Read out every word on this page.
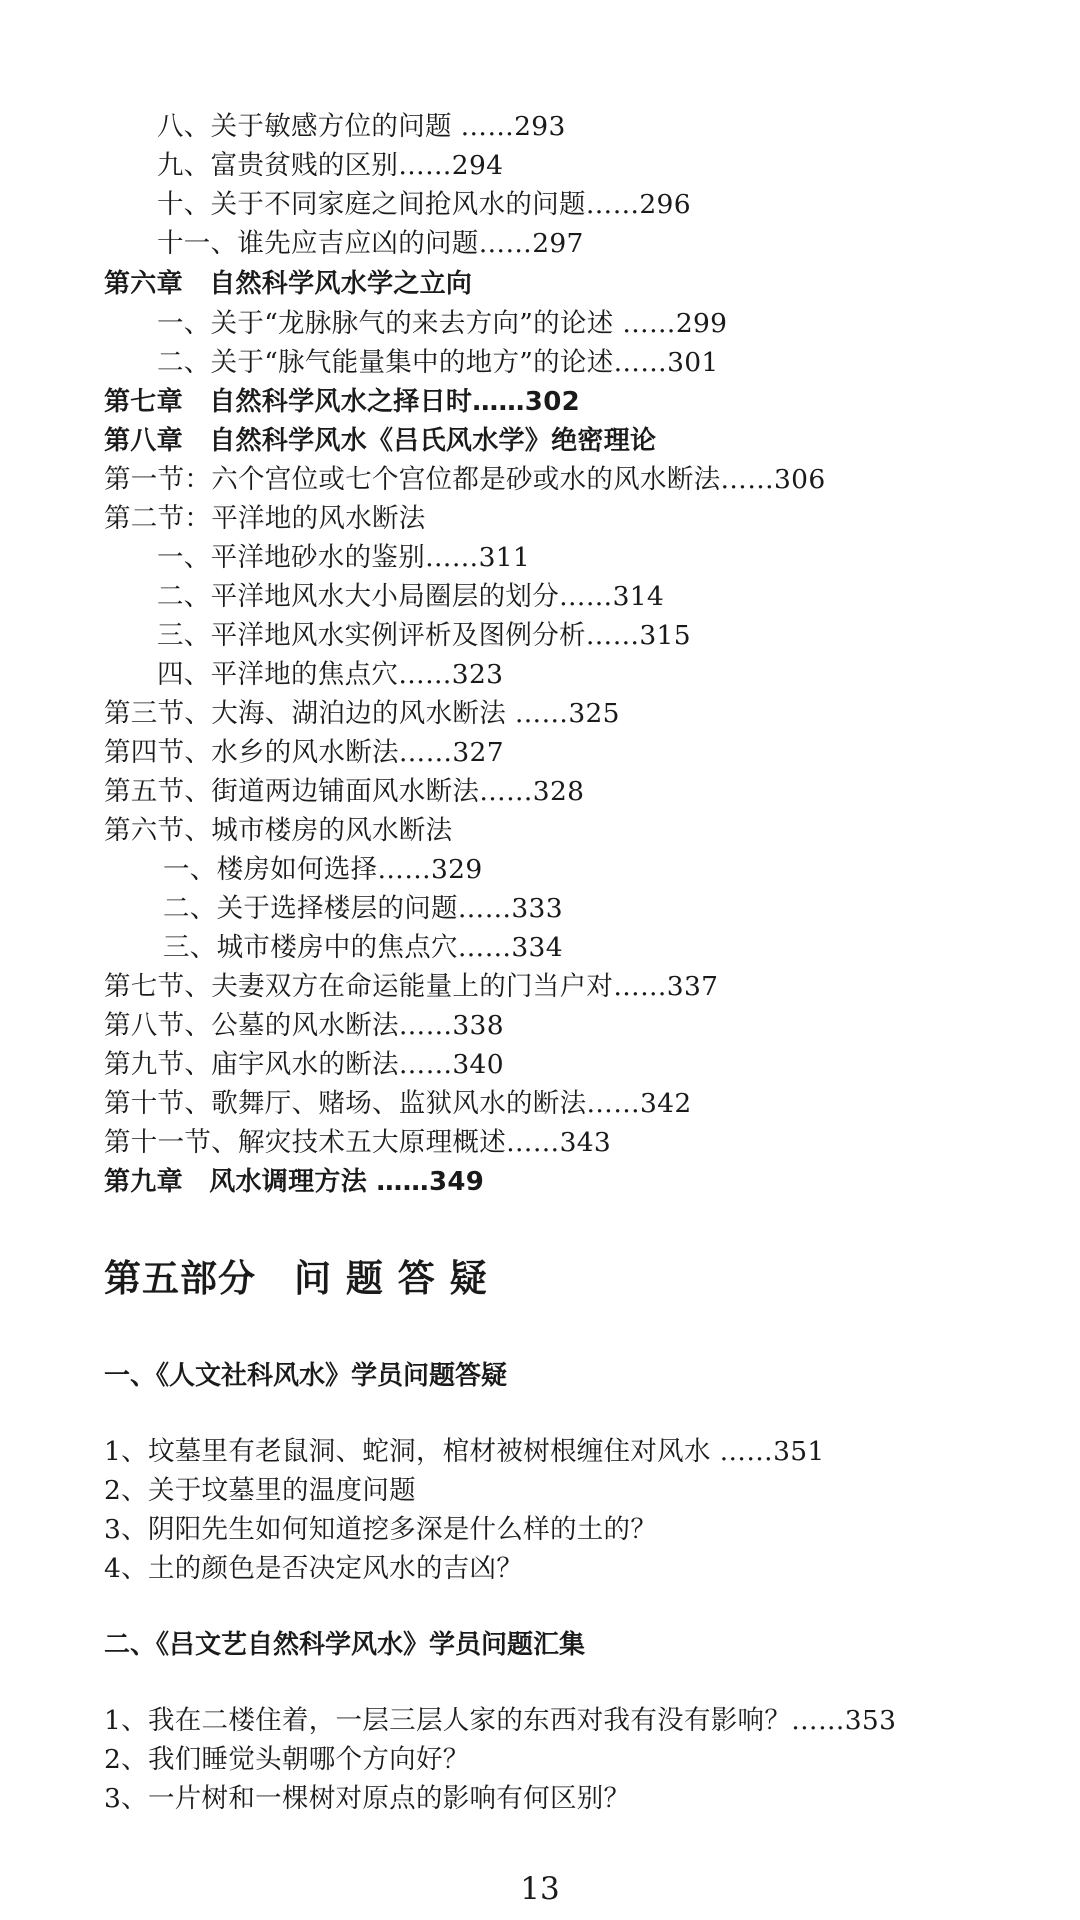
八、关于敏感方位的问题 ……293
九、富贵贫贱的区别……294
十、关于不同家庭之间抢风水的问题……296
十一、谁先应吉应凶的问题……297
第六章　自然科学风水学之立向
一、关于“龙脉脉气的来去方向”的论述 ……299
二、关于“脉气能量集中的地方”的论述……301
第七章　自然科学风水之择日时……302
第八章　自然科学风水《吕氏风水学》绝密理论
第一节：六个宫位或七个宫位都是砂或水的风水断法……306
第二节：平洋地的风水断法
一、平洋地砂水的鉴别……311
二、平洋地风水大小局圈层的划分……314
三、平洋地风水实例评析及图例分析……315
四、平洋地的焦点穴……323
第三节、大海、湖泊边的风水断法 ……325
第四节、水乡的风水断法……327
第五节、街道两边铺面风水断法……328
第六节、城市楼房的风水断法
一、楼房如何选择……329
二、关于选择楼层的问题……333
三、城市楼房中的焦点穴……334
第七节、夫妻双方在命运能量上的门当户对……337
第八节、公墓的风水断法……338
第九节、庙宇风水的断法……340
第十节、歌舞厅、赌场、监狱风水的断法……342
第十一节、解灾技术五大原理概述……343
第九章　风水调理方法 ……349
第五部分　问 题 答 疑
一、《人文社科风水》学员问题答疑
1、坟墓里有老鼠洞、蛇洞，棺材被树根缠住对风水 ……351
2、关于坟墓里的温度问题
3、阴阳先生如何知道挖多深是什么样的土的？
4、土的颜色是否决定风水的吉凶？
二、《吕文艺自然科学风水》学员问题汇集
1、我在二楼住着，一层三层人家的东西对我有没有影响？……353
2、我们睡觉头朝哪个方向好？
3、一片树和一棵树对原点的影响有何区别？
13
